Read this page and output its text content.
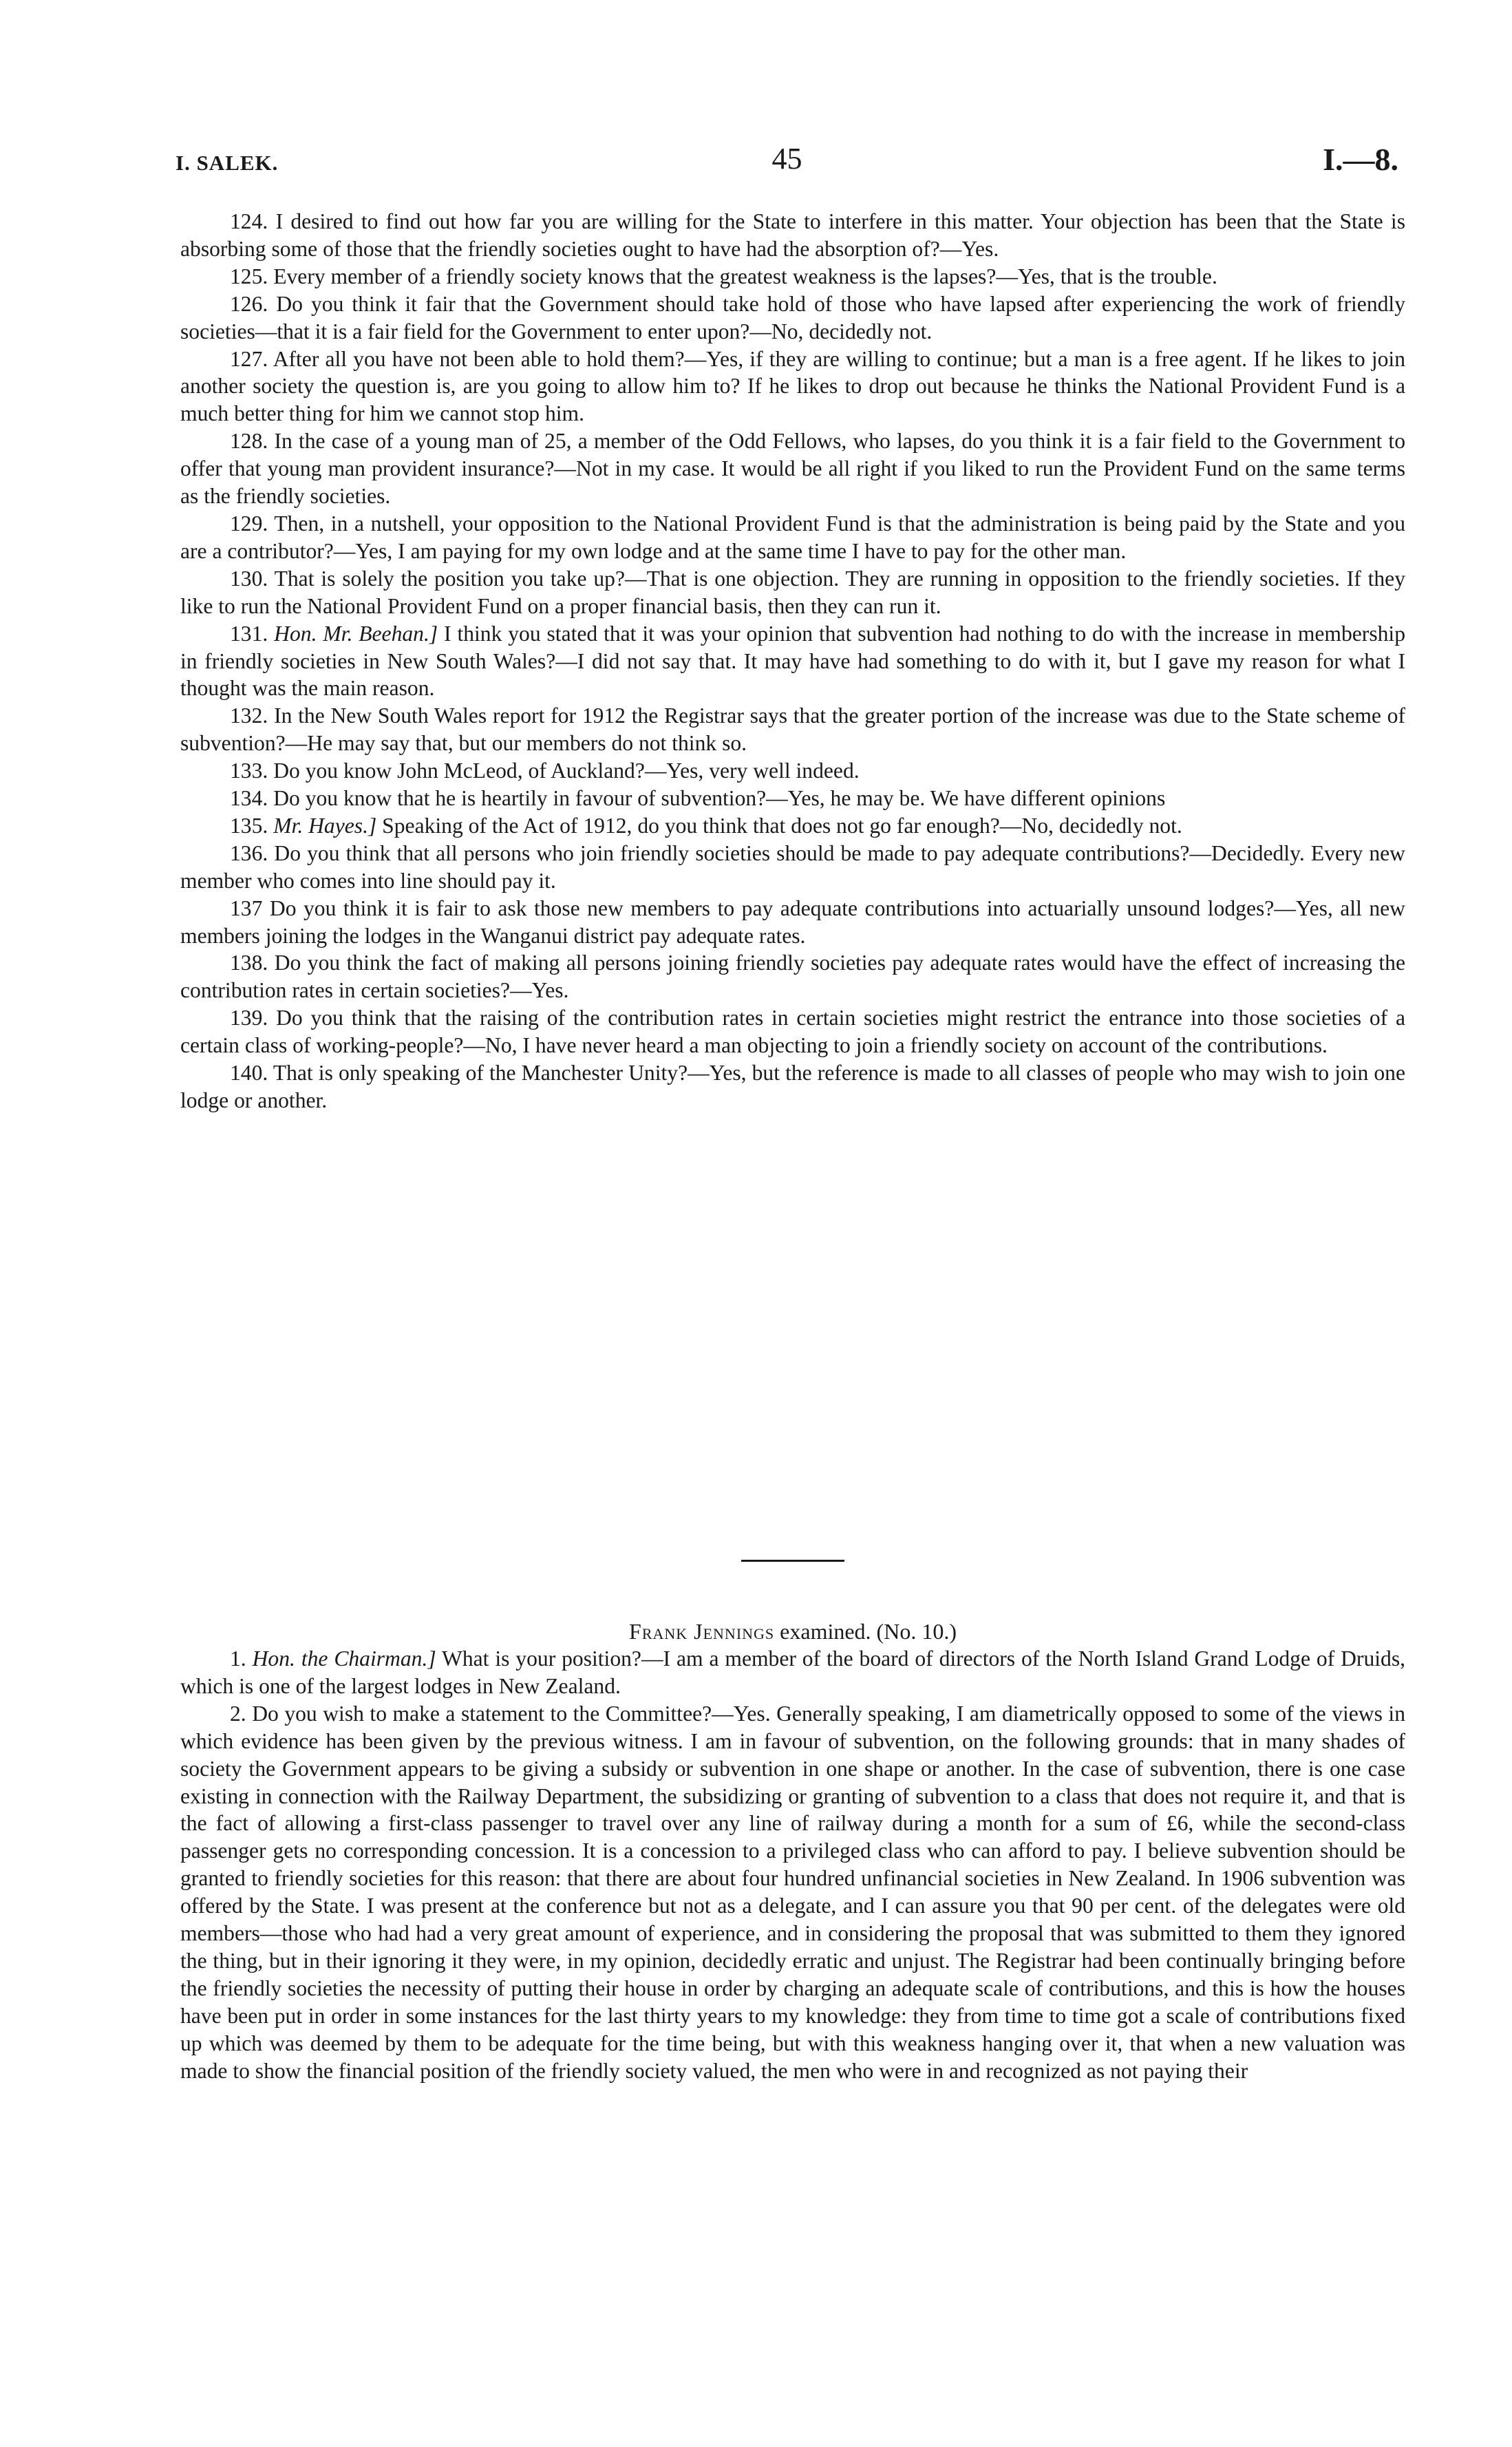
I. SALEK.	45	I.—8.

124. I desired to find out how far you are willing for the State to interfere in this matter. Your objection has been that the State is absorbing some of those that the friendly societies ought to have had the absorption of?—Yes.

125. Every member of a friendly society knows that the greatest weakness is the lapses?—Yes, that is the trouble.

126. Do you think it fair that the Government should take hold of those who have lapsed after experiencing the work of friendly societies—that it is a fair field for the Government to enter upon?—No, decidedly not.

127. After all you have not been able to hold them?—Yes, if they are willing to continue; but a man is a free agent. If he likes to join another society the question is, are you going to allow him to? If he likes to drop out because he thinks the National Provident Fund is a much better thing for him we cannot stop him.

128. In the case of a young man of 25, a member of the Odd Fellows, who lapses, do you think it is a fair field to the Government to offer that young man provident insurance?—Not in my case. It would be all right if you liked to run the Provident Fund on the same terms as the friendly societies.

129. Then, in a nutshell, your opposition to the National Provident Fund is that the administration is being paid by the State and you are a contributor?—Yes, I am paying for my own lodge and at the same time I have to pay for the other man.

130. That is solely the position you take up?—That is one objection. They are running in opposition to the friendly societies. If they like to run the National Provident Fund on a proper financial basis, then they can run it.

131. Hon. Mr. Beehan.] I think you stated that it was your opinion that subvention had nothing to do with the increase in membership in friendly societies in New South Wales?—I did not say that. It may have had something to do with it, but I gave my reason for what I thought was the main reason.

132. In the New South Wales report for 1912 the Registrar says that the greater portion of the increase was due to the State scheme of subvention?—He may say that, but our members do not think so.

133. Do you know John McLeod, of Auckland?—Yes, very well indeed.

134. Do you know that he is heartily in favour of subvention?—Yes, he may be. We have different opinions

135. Mr. Hayes.] Speaking of the Act of 1912, do you think that does not go far enough?—No, decidedly not.

136. Do you think that all persons who join friendly societies should be made to pay adequate contributions?—Decidedly. Every new member who comes into line should pay it.

137 Do you think it is fair to ask those new members to pay adequate contributions into actuarially unsound lodges?—Yes, all new members joining the lodges in the Wanganui district pay adequate rates.

138. Do you think the fact of making all persons joining friendly societies pay adequate rates would have the effect of increasing the contribution rates in certain societies?—Yes.

139. Do you think that the raising of the contribution rates in certain societies might restrict the entrance into those societies of a certain class of working-people?—No, I have never heard a man objecting to join a friendly society on account of the contributions.

140. That is only speaking of the Manchester Unity?—Yes, but the reference is made to all classes of people who may wish to join one lodge or another.

Frank Jennings examined. (No. 10.)

1. Hon. the Chairman.] What is your position?—I am a member of the board of directors of the North Island Grand Lodge of Druids, which is one of the largest lodges in New Zealand.

2. Do you wish to make a statement to the Committee?—Yes. Generally speaking, I am diametrically opposed to some of the views in which evidence has been given by the previous witness. I am in favour of subvention, on the following grounds: that in many shades of society the Government appears to be giving a subsidy or subvention in one shape or another. In the case of subvention, there is one case existing in connection with the Railway Department, the subsidizing or granting of subvention to a class that does not require it, and that is the fact of allowing a first-class passenger to travel over any line of railway during a month for a sum of £6, while the second-class passenger gets no corresponding concession. It is a concession to a privileged class who can afford to pay. I believe subvention should be granted to friendly societies for this reason: that there are about four hundred unfinancial societies in New Zealand. In 1906 subvention was offered by the State. I was present at the conference but not as a delegate, and I can assure you that 90 per cent. of the delegates were old members—those who had had a very great amount of experience, and in considering the proposal that was submitted to them they ignored the thing, but in their ignoring it they were, in my opinion, decidedly erratic and unjust. The Registrar had been continually bringing before the friendly societies the necessity of putting their house in order by charging an adequate scale of contributions, and this is how the houses have been put in order in some instances for the last thirty years to my knowledge: they from time to time got a scale of contributions fixed up which was deemed by them to be adequate for the time being, but with this weakness hanging over it, that when a new valuation was made to show the financial position of the friendly society valued, the men who were in and recognized as not paying their
